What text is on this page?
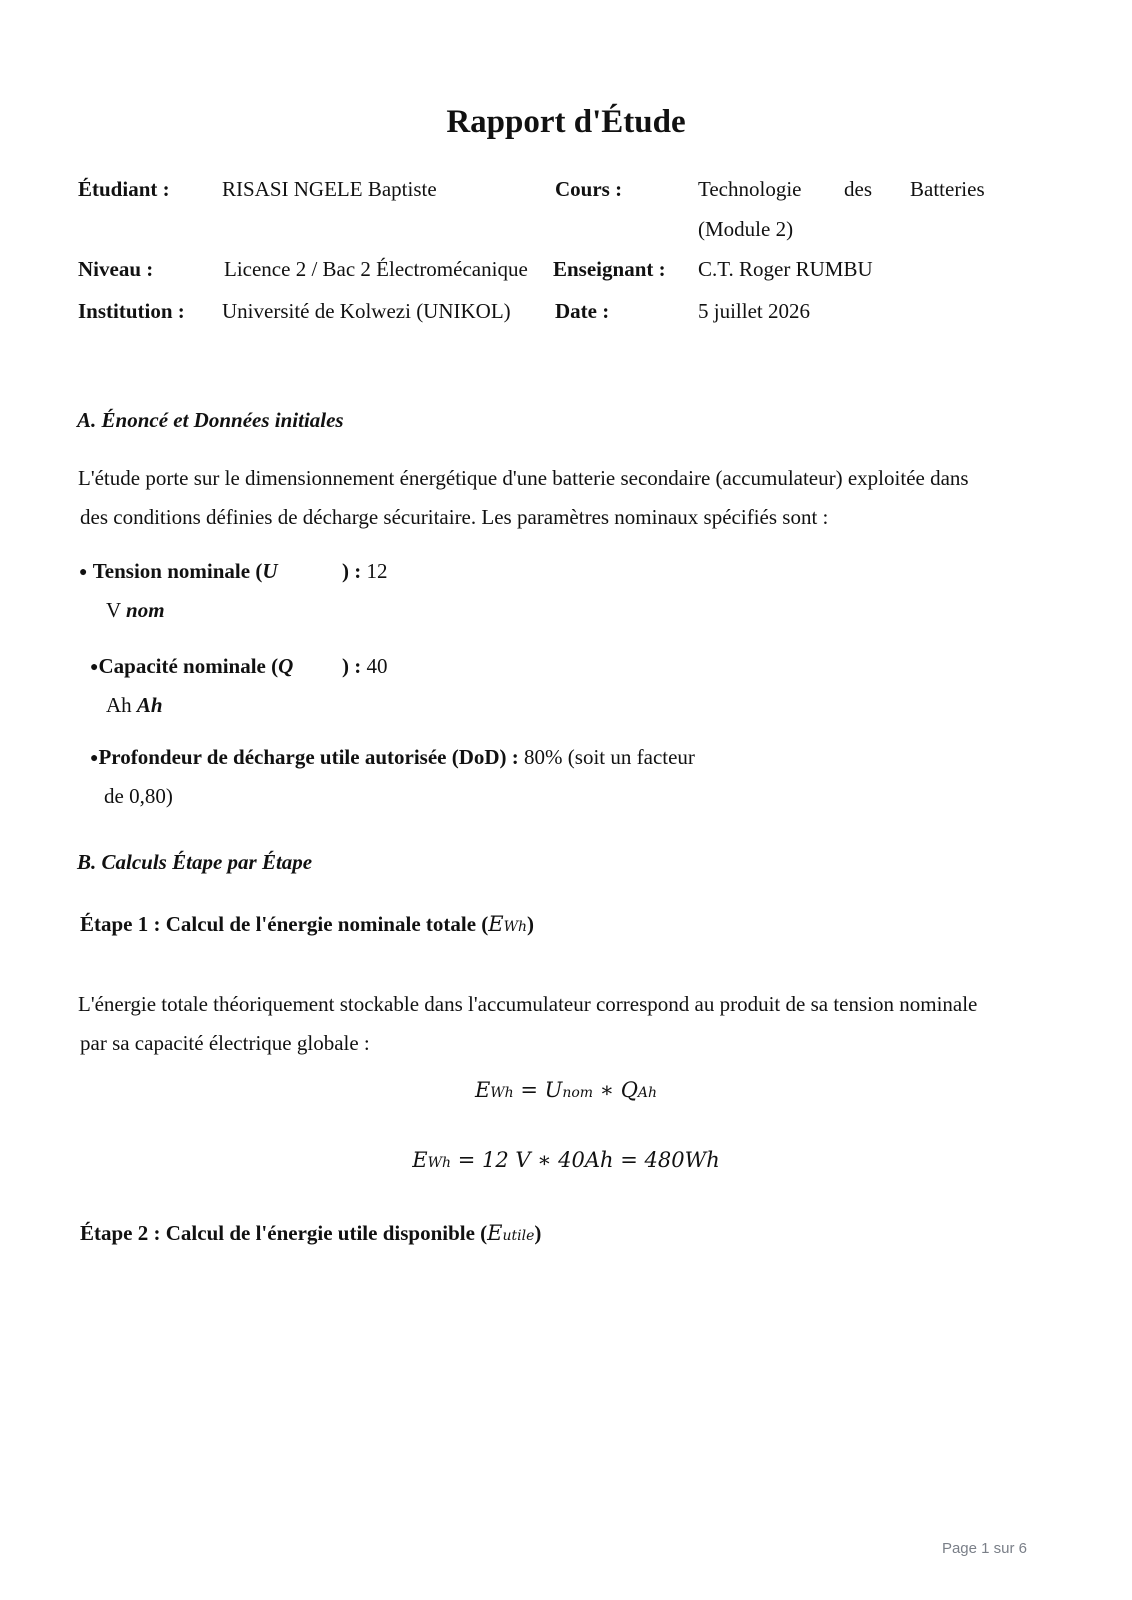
Rapport d'Étude
Étudiant : RISASI NGELE Baptiste	Cours :	Technologie des Batteries
(Module 2)
Niveau :	Licence 2 / Bac 2 Électromécanique Enseignant : C.T. Roger RUMBU
Institution : Université de Kolwezi (UNIKOL) Date :	5 juillet 2026
A. Énoncé et Données initiales
L'étude porte sur le dimensionnement énergétique d'une batterie secondaire (accumulateur) exploitée dans
des conditions définies de décharge sécuritaire. Les paramètres nominaux spécifiés sont :
● Tension nominale (U	) : 12
V nom
●Capacité nominale (Q ) : 40
Ah Ah
●Profondeur de décharge utile autorisée (DoD) : 80% (soit un facteur
de 0,80)
B. Calculs Étape par Étape
Étape 1 : Calcul de l'énergie nominale totale (EWh)
L'énergie totale théoriquement stockable dans l'accumulateur correspond au produit de sa tension nominale
par sa capacité électrique globale :
EWh = Unom ∗ QAh
EWh = 12 V ∗ 40Ah = 480Wh
Étape 2 : Calcul de l'énergie utile disponible (Eutile)
Page 1 sur 6
